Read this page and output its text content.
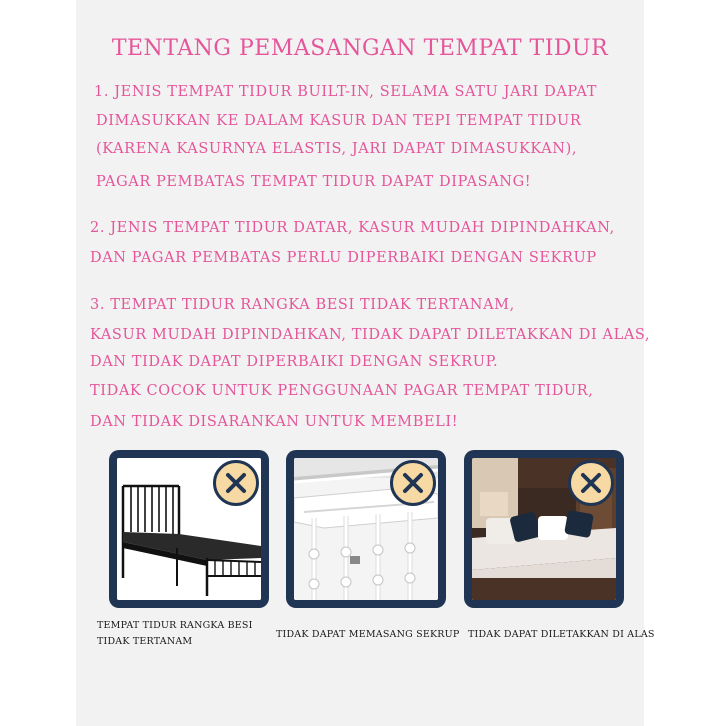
TENTANG PEMASANGAN TEMPAT TIDUR
1. JENIS TEMPAT TIDUR BUILT-IN, SELAMA SATU JARI DAPAT
DIMASUKKAN KE DALAM KASUR DAN TEPI TEMPAT TIDUR
(KARENA KASURNYA ELASTIS, JARI DAPAT DIMASUKKAN),
PAGAR PEMBATAS TEMPAT TIDUR DAPAT DIPASANG!
2. JENIS TEMPAT TIDUR DATAR, KASUR MUDAH DIPINDAHKAN,
DAN PAGAR PEMBATAS PERLU DIPERBAIKI DENGAN SEKRUP
3. TEMPAT TIDUR RANGKA BESI TIDAK TERTANAM,
KASUR MUDAH DIPINDAHKAN, TIDAK DAPAT DILETAKKAN DI ALAS,
DAN TIDAK DAPAT DIPERBAIKI DENGAN SEKRUP.
TIDAK COCOK UNTUK PENGGUNAAN PAGAR TEMPAT TIDUR,
DAN TIDAK DISARANKAN UNTUK MEMBELI!
TEMPAT TIDUR RANGKA BESI
TIDAK TERTANAM
TIDAK DAPAT MEMASANG SEKRUP TIDAK DAPAT DILETAKKAN DI ALAS
